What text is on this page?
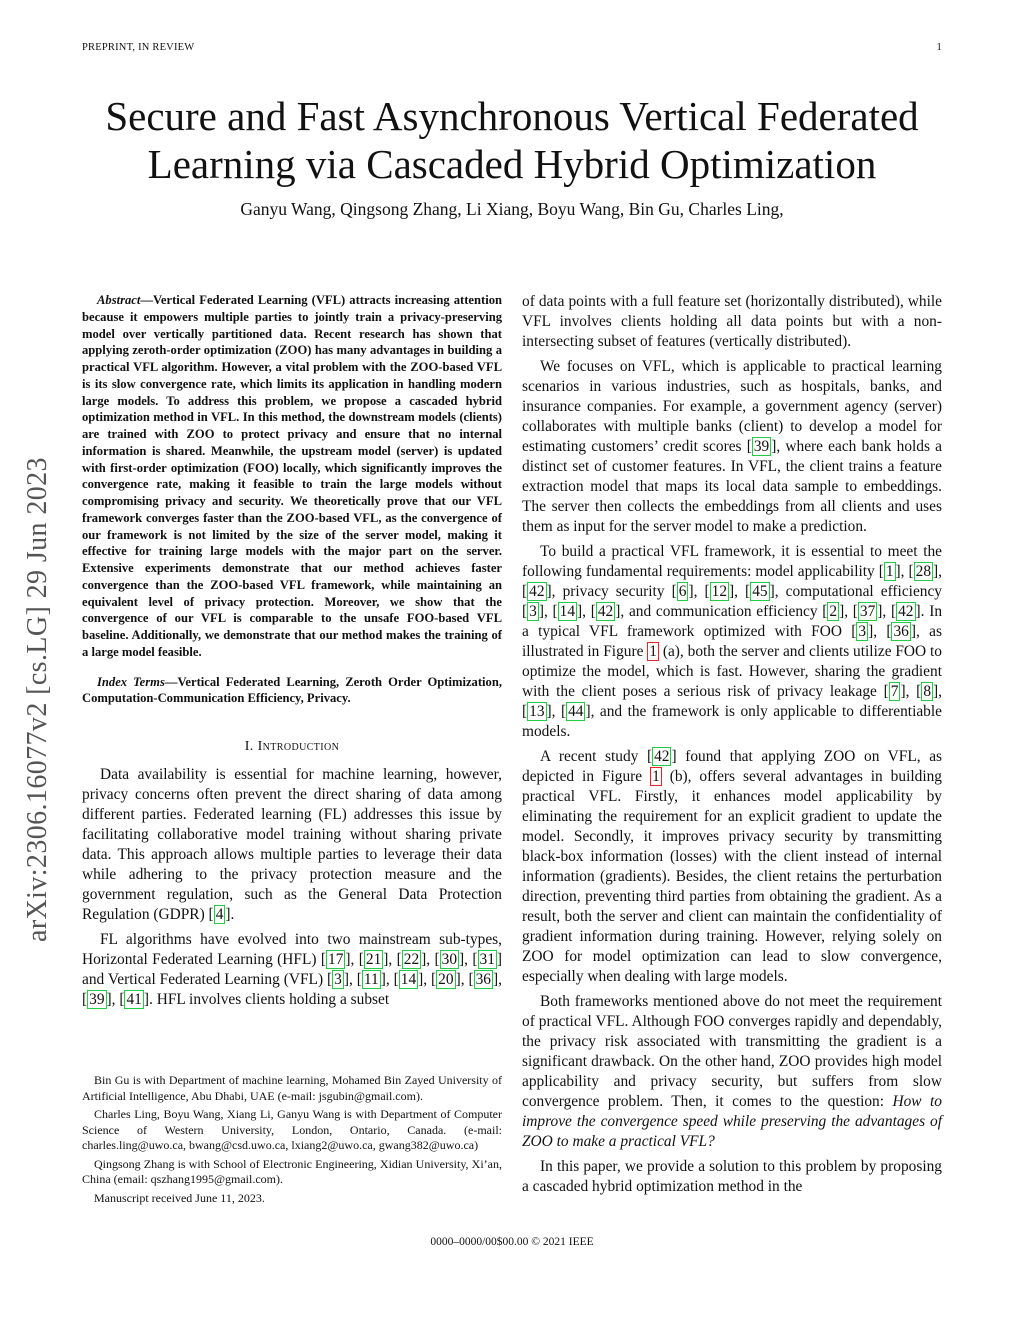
PREPRINT, IN REVIEW	1
arXiv:2306.16077v2 [cs.LG] 29 Jun 2023
Secure and Fast Asynchronous Vertical Federated
Learning via Cascaded Hybrid Optimization
Ganyu Wang, Qingsong Zhang, Li Xiang, Boyu Wang, Bin Gu, Charles Ling,

Abstract—Vertical Federated Learning (VFL) attracts increasing attention because it empowers multiple parties to jointly train a privacy-preserving model over vertically partitioned data. Recent research has shown that applying zeroth-order optimization (ZOO) has many advantages in building a practical VFL algorithm. However, a vital problem with the ZOO-based VFL is its slow convergence rate, which limits its application in handling modern large models. To address this problem, we propose a cascaded hybrid optimization method in VFL. In this method, the downstream models (clients) are trained with ZOO to protect privacy and ensure that no internal information is shared. Meanwhile, the upstream model (server) is updated with first-order optimization (FOO) locally, which significantly improves the convergence rate, making it feasible to train the large models without compromising privacy and security. We theoretically prove that our VFL framework converges faster than the ZOO-based VFL, as the convergence of our framework is not limited by the size of the server model, making it effective for training large models with the major part on the server. Extensive experiments demonstrate that our method achieves faster convergence than the ZOO-based VFL framework, while maintaining an equivalent level of privacy protection. Moreover, we show that the convergence of our VFL is comparable to the unsafe FOO-based VFL baseline. Additionally, we demonstrate that our method makes the training of a large model feasible.

Index Terms—Vertical Federated Learning, Zeroth Order Optimization, Computation-Communication Efficiency, Privacy.

I. Introduction

Data availability is essential for machine learning, however, privacy concerns often prevent the direct sharing of data among different parties. Federated learning (FL) addresses this issue by facilitating collaborative model training without sharing private data. This approach allows multiple parties to leverage their data while adhering to the privacy protection measure and the government regulation, such as the General Data Protection Regulation (GDPR) [ 4 ].

FL algorithms have evolved into two mainstream sub-types, Horizontal Federated Learning (HFL) [ 17 ], [ 21 ], [ 22 ], [ 30 ], [ 31 ] and Vertical Federated Learning (VFL) [ 3 ], [ 11 ], [ 14 ], [ 20 ], [ 36 ], [ 39 ], [ 41 ]. HFL involves clients holding a subset

of data points with a full feature set (horizontally distributed), while VFL involves clients holding all data points but with a non-intersecting subset of features (vertically distributed).

We focuses on VFL, which is applicable to practical learning scenarios in various industries, such as hospitals, banks, and insurance companies. For example, a government agency (server) collaborates with multiple banks (client) to develop a model for estimating customers’ credit scores [ 39 ], where each bank holds a distinct set of customer features. In VFL, the client trains a feature extraction model that maps its local data sample to embeddings. The server then collects the embeddings from all clients and uses them as input for the server model to make a prediction.

To build a practical VFL framework, it is essential to meet the following fundamental requirements: model applicability [ 1 ], [ 28 ], [ 42 ], privacy security [ 6 ], [ 12 ], [ 45 ], computational efficiency [ 3 ], [ 14 ], [ 42 ], and communication efficiency [ 2 ], [ 37 ], [ 42 ]. In a typical VFL framework optimized with FOO [ 3 ], [ 36 ], as illustrated in Figure 1 (a), both the server and clients utilize FOO to optimize the model, which is fast. However, sharing the gradient with the client poses a serious risk of privacy leakage [ 7 ], [ 8 ], [ 13 ], [ 44 ], and the framework is only applicable to differentiable models.

A recent study [ 42 ] found that applying ZOO on VFL, as depicted in Figure 1 (b), offers several advantages in building practical VFL. Firstly, it enhances model applicability by eliminating the requirement for an explicit gradient to update the model. Secondly, it improves privacy security by transmitting black-box information (losses) with the client instead of internal information (gradients). Besides, the client retains the perturbation direction, preventing third parties from obtaining the gradient. As a result, both the server and client can maintain the confidentiality of gradient information during training. However, relying solely on ZOO for model optimization can lead to slow convergence, especially when dealing with large models.

Both frameworks mentioned above do not meet the requirement of practical VFL. Although FOO converges rapidly and dependably, the privacy risk associated with transmitting the gradient is a significant drawback. On the other hand, ZOO provides high model applicability and privacy security, but suffers from slow convergence problem. Then, it comes to the question: How to improve the convergence speed while preserving the advantages of ZOO to make a practical VFL?

In this paper, we provide a solution to this problem by proposing a cascaded hybrid optimization method in the

Bin Gu is with Department of machine learning, Mohamed Bin Zayed University of Artificial Intelligence, Abu Dhabi, UAE (e-mail: jsgubin@gmail.com).

Charles Ling, Boyu Wang, Xiang Li, Ganyu Wang is with Department of Computer Science of Western University, London, Ontario, Canada. (e-mail: charles.ling@uwo.ca, bwang@csd.uwo.ca, lxiang2@uwo.ca, gwang382@uwo.ca)

Qingsong Zhang is with School of Electronic Engineering, Xidian University, Xi’an, China (email: qszhang1995@gmail.com).

Manuscript received June 11, 2023.

0000–0000/00$00.00 © 2021 IEEE
